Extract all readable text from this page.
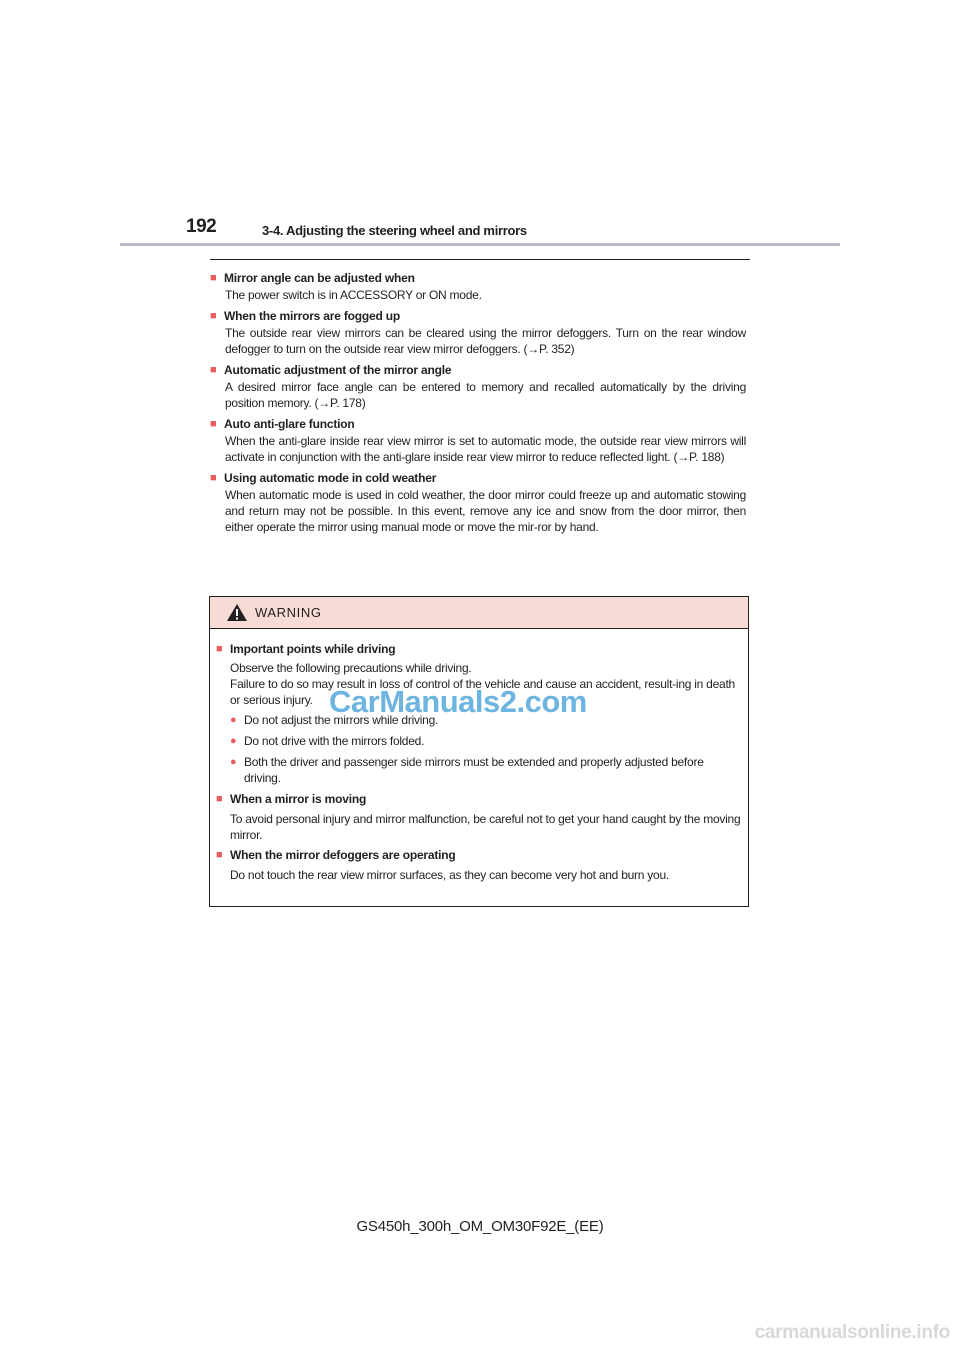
192	3-4. Adjusting the steering wheel and mirrors
■ Mirror angle can be adjusted when
The power switch is in ACCESSORY or ON mode.
■ When the mirrors are fogged up
The outside rear view mirrors can be cleared using the mirror defoggers. Turn on the rear window defogger to turn on the outside rear view mirror defoggers. (→P. 352)
■ Automatic adjustment of the mirror angle
A desired mirror face angle can be entered to memory and recalled automatically by the driving position memory. (→P. 178)
■ Auto anti-glare function
When the anti-glare inside rear view mirror is set to automatic mode, the outside rear view mirrors will activate in conjunction with the anti-glare inside rear view mirror to reduce reflected light. (→P. 188)
■ Using automatic mode in cold weather
When automatic mode is used in cold weather, the door mirror could freeze up and automatic stowing and return may not be possible. In this event, remove any ice and snow from the door mirror, then either operate the mirror using manual mode or move the mir-ror by hand.
WARNING
■ Important points while driving
Observe the following precautions while driving.
Failure to do so may result in loss of control of the vehicle and cause an accident, result-ing in death or serious injury.
● Do not adjust the mirrors while driving.
● Do not drive with the mirrors folded.
● Both the driver and passenger side mirrors must be extended and properly adjusted before driving.
■ When a mirror is moving
To avoid personal injury and mirror malfunction, be careful not to get your hand caught by the moving mirror.
■ When the mirror defoggers are operating
Do not touch the rear view mirror surfaces, as they can become very hot and burn you.
CarManuals2.com
GS450h_300h_OM_OM30F92E_(EE)
carmanualsonline.info
